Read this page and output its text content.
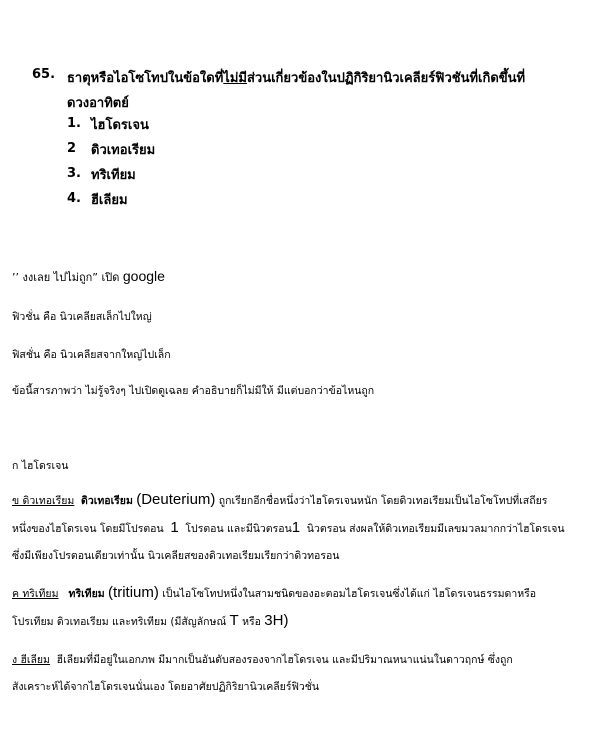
65. ธาตุหรือไอโซโทปในข้อใดที่ไม่มีส่วนเกี่ยวข้องในปฏิกิริยานิวเคลียร์ฟิวชันที่เกิดขึ้นที่
ดวงอาทิตย์
1. ไฮโดรเจน
2 ดิวเทอเรียม
3. ทริเทียม
4. ฮีเลียม
’’ งงเลย ไปไม่ถูก” เปิด google
ฟิวชั่น คือ นิวเคลียสเล็กไปใหญ่
ฟิสชั่น คือ นิวเคลียสจากใหญ่ไปเล็ก
ข้อนี้สารภาพว่า ไม่รู้จริงๆ ไปเปิดดูเฉลย คำอธิบายก็ไม่มีให้ มีแต่บอกว่าข้อไหนถูก
ก ไฮโดรเจน
ข ดิวเทอเรียม ดิวเทอเรียม (Deuterium) ถูกเรียกอีกชื่อหนึ่งว่าไฮโดรเจนหนัก โดยดิวเทอเรียมเป็นไอโซโทปที่เสถียร
หนึ่งของไฮโดรเจน โดยมีโปรตอน 1 โปรตอน และมีนิวตรอน1 นิวตรอน ส่งผลให้ดิวเทอเรียมมีเลขมวลมากกว่าไฮโดรเจน
ซึ่งมีเพียงโปรตอนเดียวเท่านั้น นิวเคลียสของดิวเทอเรียมเรียกว่าดิวทอรอน
ค ทริเทียม ทริเทียม (tritium) เป็นไอโซโทปหนึ่งในสามชนิดของอะตอมไฮโดรเจนซึ่งได้แก่ ไฮโดรเจนธรรมดาหรือ
โปรเทียม ดิวเทอเรียม และทริเทียม (มีสัญลักษณ์ T หรือ 3H)
ง ฮีเลียม ฮีเลียมที่มีอยู่ในเอกภพ มีมากเป็นอันดับสองรองจากไฮโดรเจน และมีปริมาณหนาแน่นในดาวฤกษ์ ซึ่งถูก
สังเคราะห์ได้จากไฮโดรเจนนั่นเอง โดยอาศัยปฏิกิริยานิวเคลียร์ฟิวชั่น
